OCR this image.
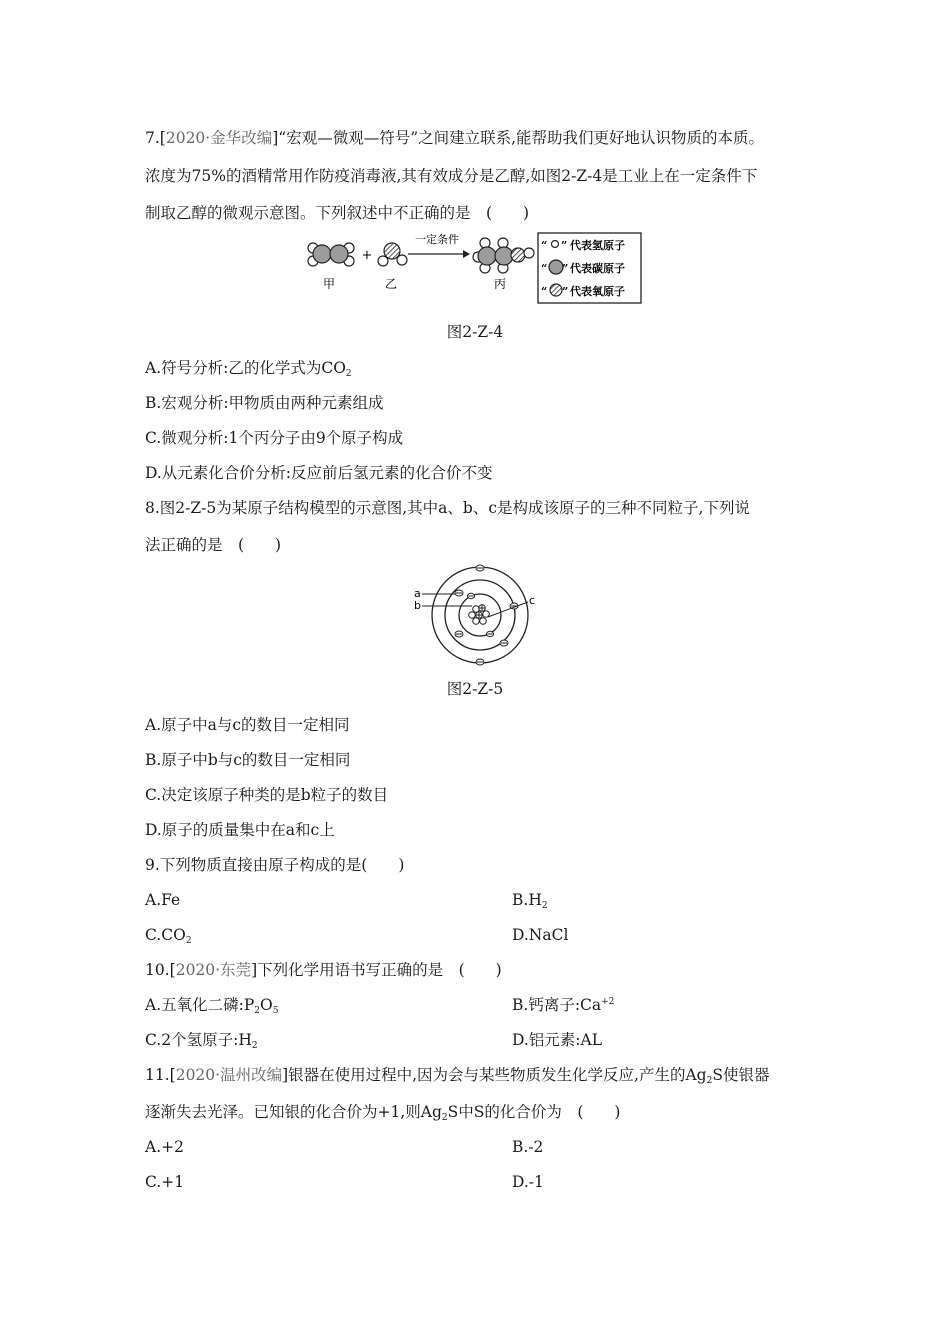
7.[2020·金华改编]“宏观—微观—符号”之间建立联系,能帮助我们更好地认识物质的本质。
浓度为75%的酒精常用作防疫消毒液,其有效成分是乙醇,如图2-Z-4是工业上在一定条件下
制取乙醇的微观示意图。下列叙述中不正确的是　(　　)
甲
+
乙
一定条件
丙
“ ” 代表氢原子
“ ” 代表碳原子
“ ” 代表氧原子
图2-Z-4
A.符号分析:乙的化学式为$CO_2$
B.宏观分析:甲物质由两种元素组成
C.微观分析:1个丙分子由9个原子构成
D.从元素化合价分析:反应前后氢元素的化合价不变
8.图2-Z-5为某原子结构模型的示意图,其中a、b、c是构成该原子的三种不同粒子,下列说
法正确的是　(　　)
a
b	c
图2-Z-5
A.原子中a与c的数目一定相同
B.原子中b与c的数目一定相同
C.决定该原子种类的是b粒子的数目
D.原子的质量集中在a和c上
9.下列物质直接由原子构成的是(　　)
A.Fe	$B.H_2$
$C.CO_2$	D.NaCl
10.[2020·东莞]下列化学用语书写正确的是　(　　)
A.五氧化二磷$:P_2O_5$	B.钙离子$:Ca^{+2}$
C.2个氢原子$:H_2$	D.铝元素:AL
11.[2020·温州改编]银器在使用过程中,因为会与某些物质发生化学反应,产生的$Ag_2S$使银器
逐渐失去光泽。已知银的化合价为+1,则$Ag_2S$中S的化合价为　(　　)
A.+2	B.-2
C.+1	D.-1
